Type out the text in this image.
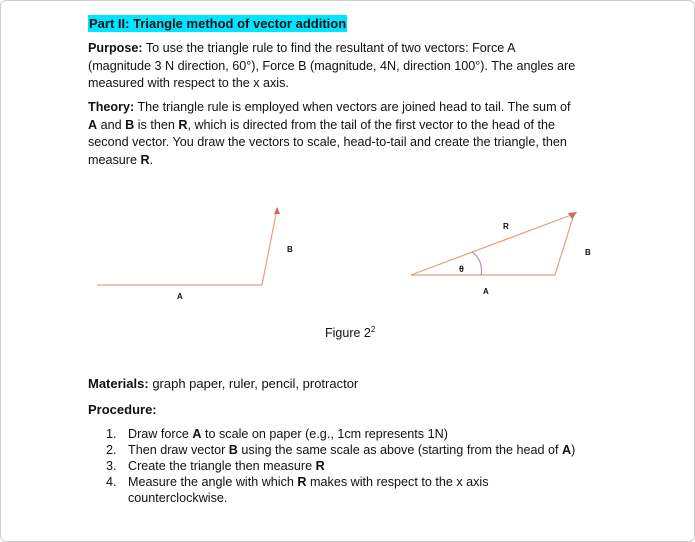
Part II: Triangle method of vector addition
Purpose: To use the triangle rule to find the resultant of two vectors: Force A
(magnitude 3 N direction, 60°), Force B (magnitude, 4N, direction 100°). The angles are
measured with respect to the x axis.
Theory: The triangle rule is employed when vectors are joined head to tail. The sum of
A and B is then R, which is directed from the tail of the first vector to the head of the
second vector. You draw the vectors to scale, head-to-tail and create the triangle, then
measure R.
A
B
R
B
A
θ
Figure $2^2$
Materials: graph paper, ruler, pencil, protractor
Procedure:
1. Draw force A to scale on paper (e.g., 1cm represents 1N)
2. Then draw vector B using the same scale as above (starting from the head of A)
3. Create the triangle then measure R
4. Measure the angle with which R makes with respect to the x axis
counterclockwise.
